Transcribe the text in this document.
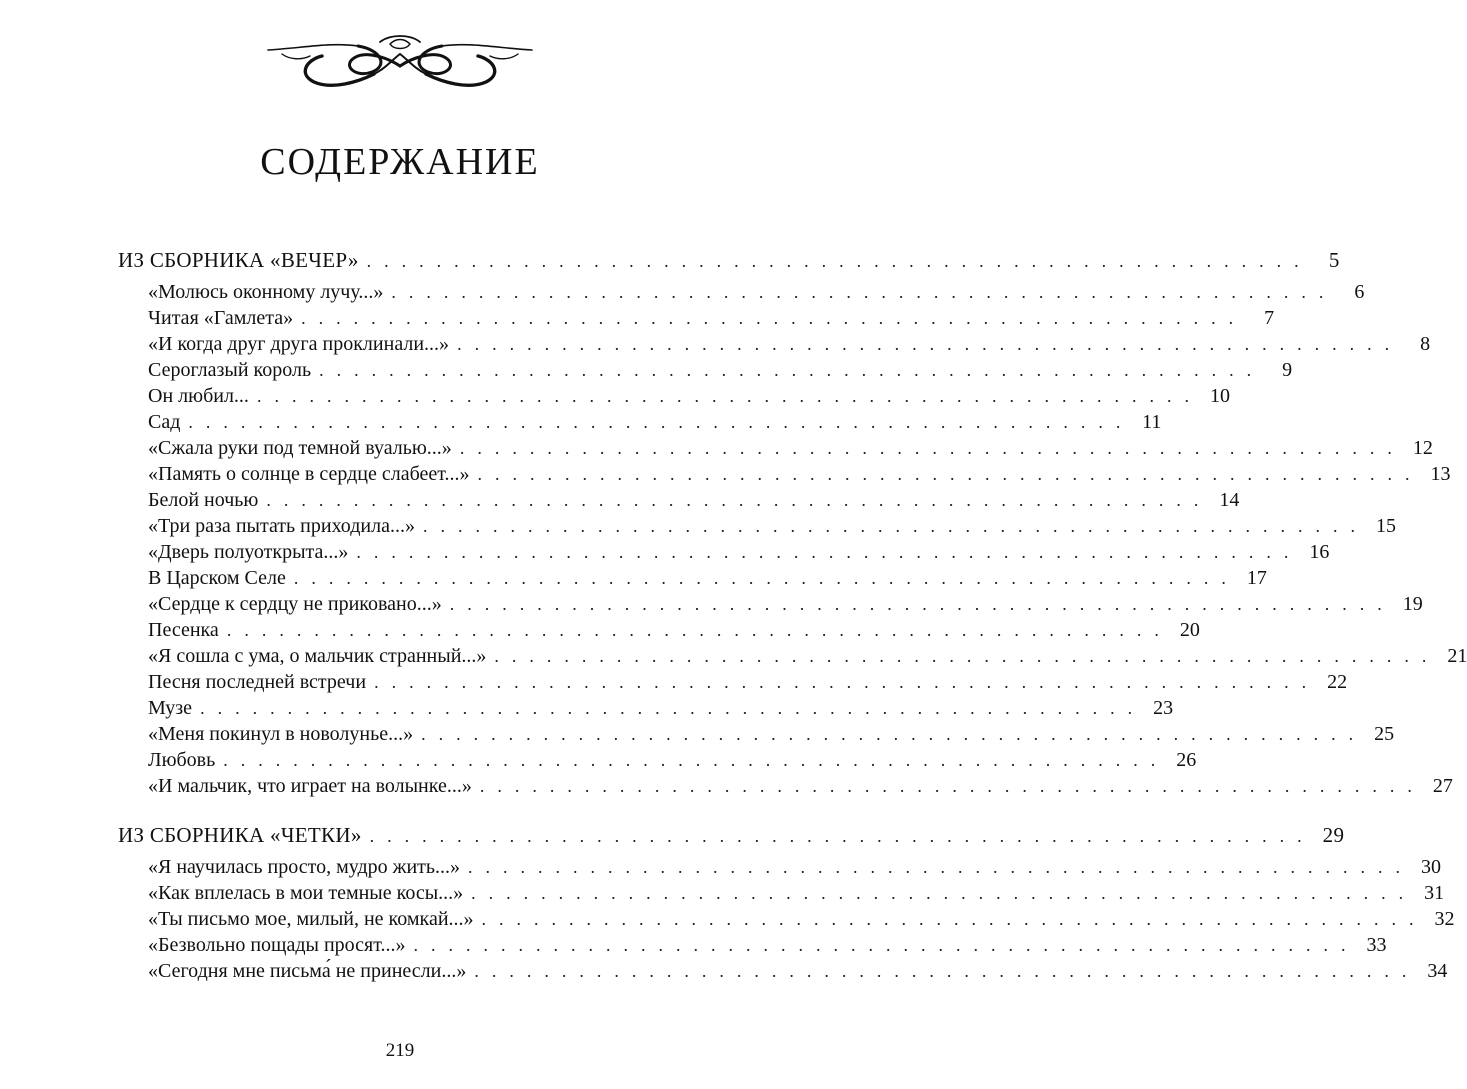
СОДЕРЖАНИЕ
ИЗ СБОРНИКА «ВЕЧЕР» ...................................................... 5
«Молюсь оконному лучу...» ...................................................... 6
Читая «Гамлета» ...................................................... 7
«И когда друг друга проклинали...» ...................................................... 8
Сероглазый король ...................................................... 9
Он любил... ...................................................... 10
Сад ...................................................... 11
«Сжала руки под темной вуалью...» ...................................................... 12
«Память о солнце в сердце слабеет...» ...................................................... 13
Белой ночью ...................................................... 14
«Три раза пытать приходила...» ...................................................... 15
«Дверь полуоткрыта...» ...................................................... 16
В Царском Селе ...................................................... 17
«Сердце к сердцу не приковано...» ...................................................... 19
Песенка ...................................................... 20
«Я сошла с ума, о мальчик странный...» ...................................................... 21
Песня последней встречи ...................................................... 22
Музе ...................................................... 23
«Меня покинул в новолунье...» ...................................................... 25
Любовь ...................................................... 26
«И мальчик, что играет на волынке...» ...................................................... 27
ИЗ СБОРНИКА «ЧЕТКИ» ...................................................... 29
«Я научилась просто, мудро жить...» ...................................................... 30
«Как вплелась в мои темные косы...» ...................................................... 31
«Ты письмо мое, милый, не комкай...» ...................................................... 32
«Безвольно пощады просят...» ...................................................... 33
«Сегодня мне письма́ не принесли...» ...................................................... 34
219
